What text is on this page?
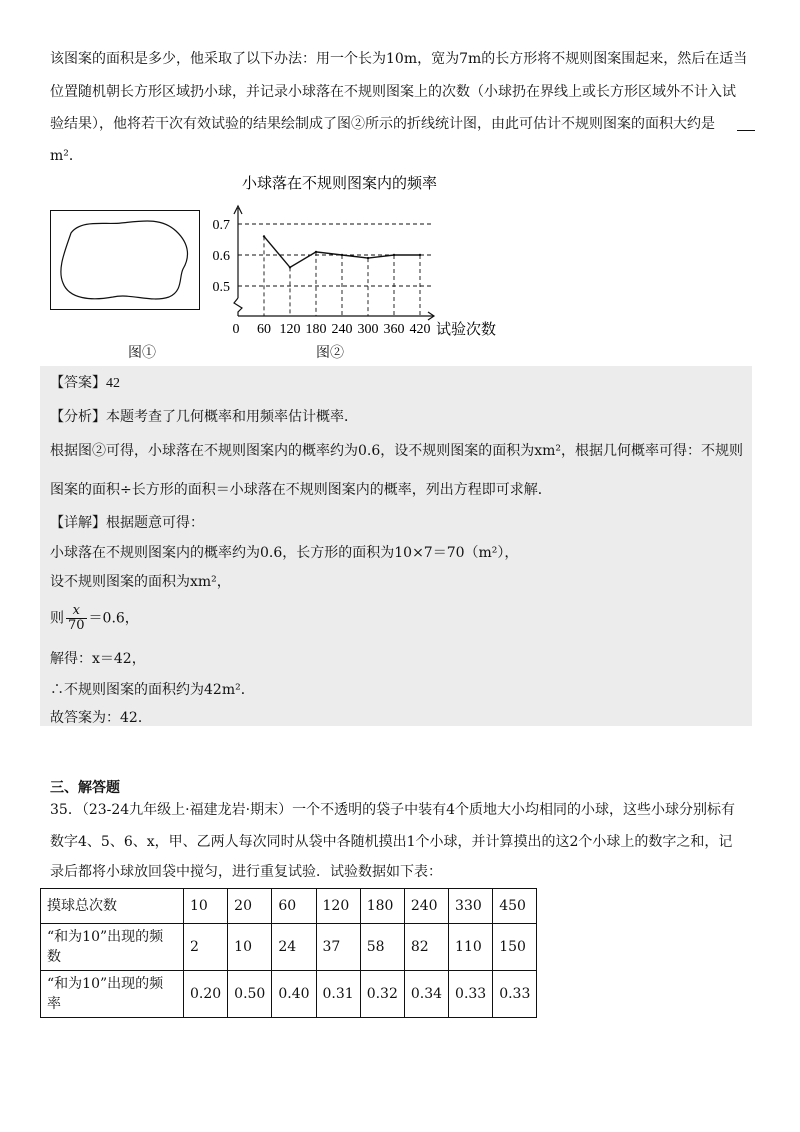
该图案的面积是多少，他采取了以下办法：用一个长为10m，宽为7m的长方形将不规则图案围起来，然后在适当
位置随机朝长方形区域扔小球，并记录小球落在不规则图案上的次数（小球扔在界线上或长方形区域外不计入试
验结果），他将若干次有效试验的结果绘制成了图②所示的折线统计图，由此可估计不规则图案的面积大约是
m²．
图①
小球落在不规则图案内的频率
0.5
0.6
0.7
0 60 120 180 240 300 360 420 试验次数
图②
【答案】42
【分析】本题考查了几何概率和用频率估计概率．
根据图②可得，小球落在不规则图案内的概率约为0.6，设不规则图案的面积为xm²，根据几何概率可得：不规则
图案的面积÷长方形的面积＝小球落在不规则图案内的概率，列出方程即可求解．
【详解】根据题意可得：
小球落在不规则图案内的概率约为0.6，长方形的面积为10×7＝70（m²），
设不规则图案的面积为xm²，
则 $\frac{x}{70} =0.6$，
解得：x＝42，
∴不规则图案的面积约为42m²．
故答案为：42．
三、解答题
35．（23-24九年级上·福建龙岩·期末）一个不透明的袋子中装有4个质地大小均相同的小球，这些小球分别标有
数字4、5、6、x，甲、乙两人每次同时从袋中各随机摸出1个小球，并计算摸出的这2个小球上的数字之和，记
录后都将小球放回袋中搅匀，进行重复试验．试验数据如下表：
摸球总次数	10	20	60	120	180	240	330	450
“和为10”出现的频数	2	10	24	37	58	82	110	150
“和为10”出现的频率	0.20	0.50	0.40	0.31	0.32	0.34	0.33	0.33
